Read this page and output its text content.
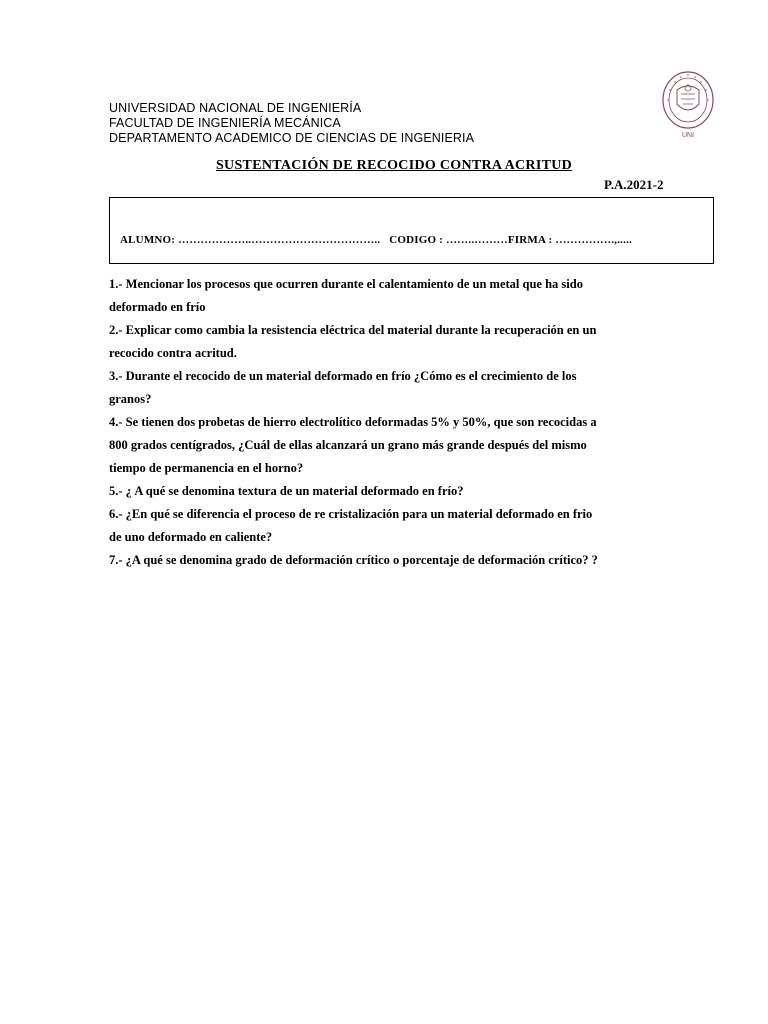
UNIVERSIDAD NACIONAL DE INGENIERÍA
FACULTAD DE INGENIERÍA MECÁNICA
DEPARTAMENTO ACADEMICO DE CIENCIAS DE INGENIERIA	UNI
SUSTENTACIÓN DE RECOCIDO CONTRA ACRITUD
P.A.2021-2
ALUMNO: ………………..…………………………….. CODIGO : ……..………FIRMA : …………….,.....
1.- Mencionar los procesos que ocurren durante el calentamiento de un metal que ha sido
deformado en frío
2.- Explicar como cambia la resistencia eléctrica del material durante la recuperación en un
recocido contra acritud.
3.- Durante el recocido de un material deformado en frío ¿Cómo es el crecimiento de los
granos?
4.- Se tienen dos probetas de hierro electrolítico deformadas 5% y 50%, que son recocidas a
800 grados centígrados, ¿Cuál de ellas alcanzará un grano más grande después del mismo
tiempo de permanencia en el horno?
5.- ¿ A qué se denomina textura de un material deformado en frío?
6.- ¿En qué se diferencia el proceso de re cristalización para un material deformado en frio
de uno deformado en caliente?
7.- ¿A qué se denomina grado de deformación crítico o porcentaje de deformación crítico? ?
